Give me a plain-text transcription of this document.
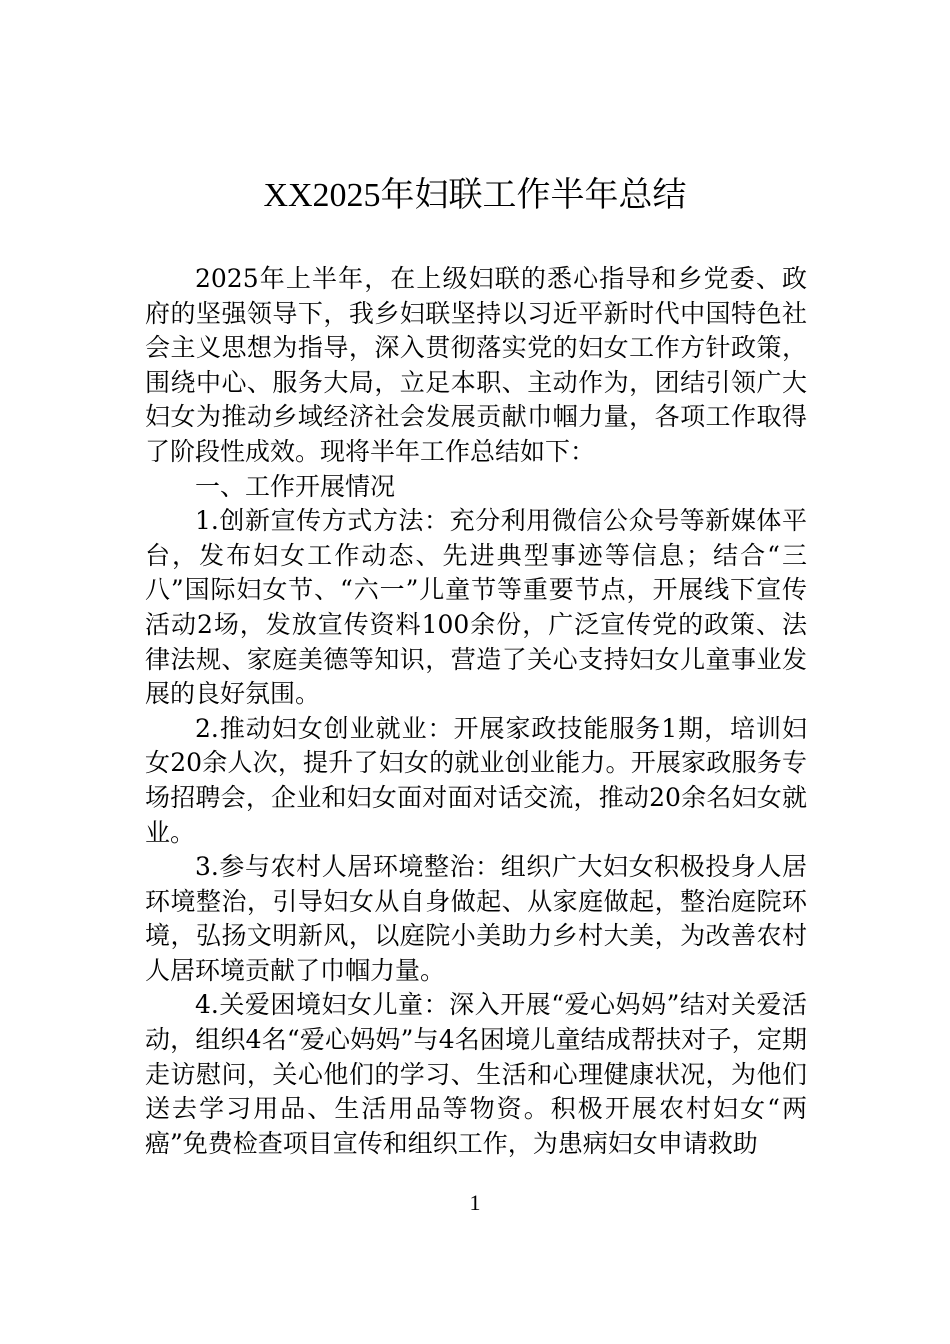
XX2025年妇联工作半年总结

2025年上半年，在上级妇联的悉心指导和乡党委、政府的坚强领导下，我乡妇联坚持以习近平新时代中国特色社会主义思想为指导，深入贯彻落实党的妇女工作方针政策，围绕中心、服务大局，立足本职、主动作为，团结引领广大妇女为推动乡域经济社会发展贡献巾帼力量，各项工作取得了阶段性成效。现将半年工作总结如下：

一、工作开展情况

1.创新宣传方式方法：充分利用微信公众号等新媒体平台，发布妇女工作动态、先进典型事迹等信息；结合“三八”国际妇女节、“六一”儿童节等重要节点，开展线下宣传活动2场，发放宣传资料100余份，广泛宣传党的政策、法律法规、家庭美德等知识，营造了关心支持妇女儿童事业发展的良好氛围。

2.推动妇女创业就业：开展家政技能服务1期，培训妇女20余人次，提升了妇女的就业创业能力。开展家政服务专场招聘会，企业和妇女面对面对话交流，推动20余名妇女就业。

3.参与农村人居环境整治：组织广大妇女积极投身人居环境整治，引导妇女从自身做起、从家庭做起，整治庭院环境，弘扬文明新风，以庭院小美助力乡村大美，为改善农村人居环境贡献了巾帼力量。

4.关爱困境妇女儿童：深入开展“爱心妈妈”结对关爱活动，组织4名“爱心妈妈”与4名困境儿童结成帮扶对子，定期走访慰问，关心他们的学习、生活和心理健康状况，为他们送去学习用品、生活用品等物资。积极开展农村妇女“两癌”免费检查项目宣传和组织工作，为患病妇女申请救助

1
